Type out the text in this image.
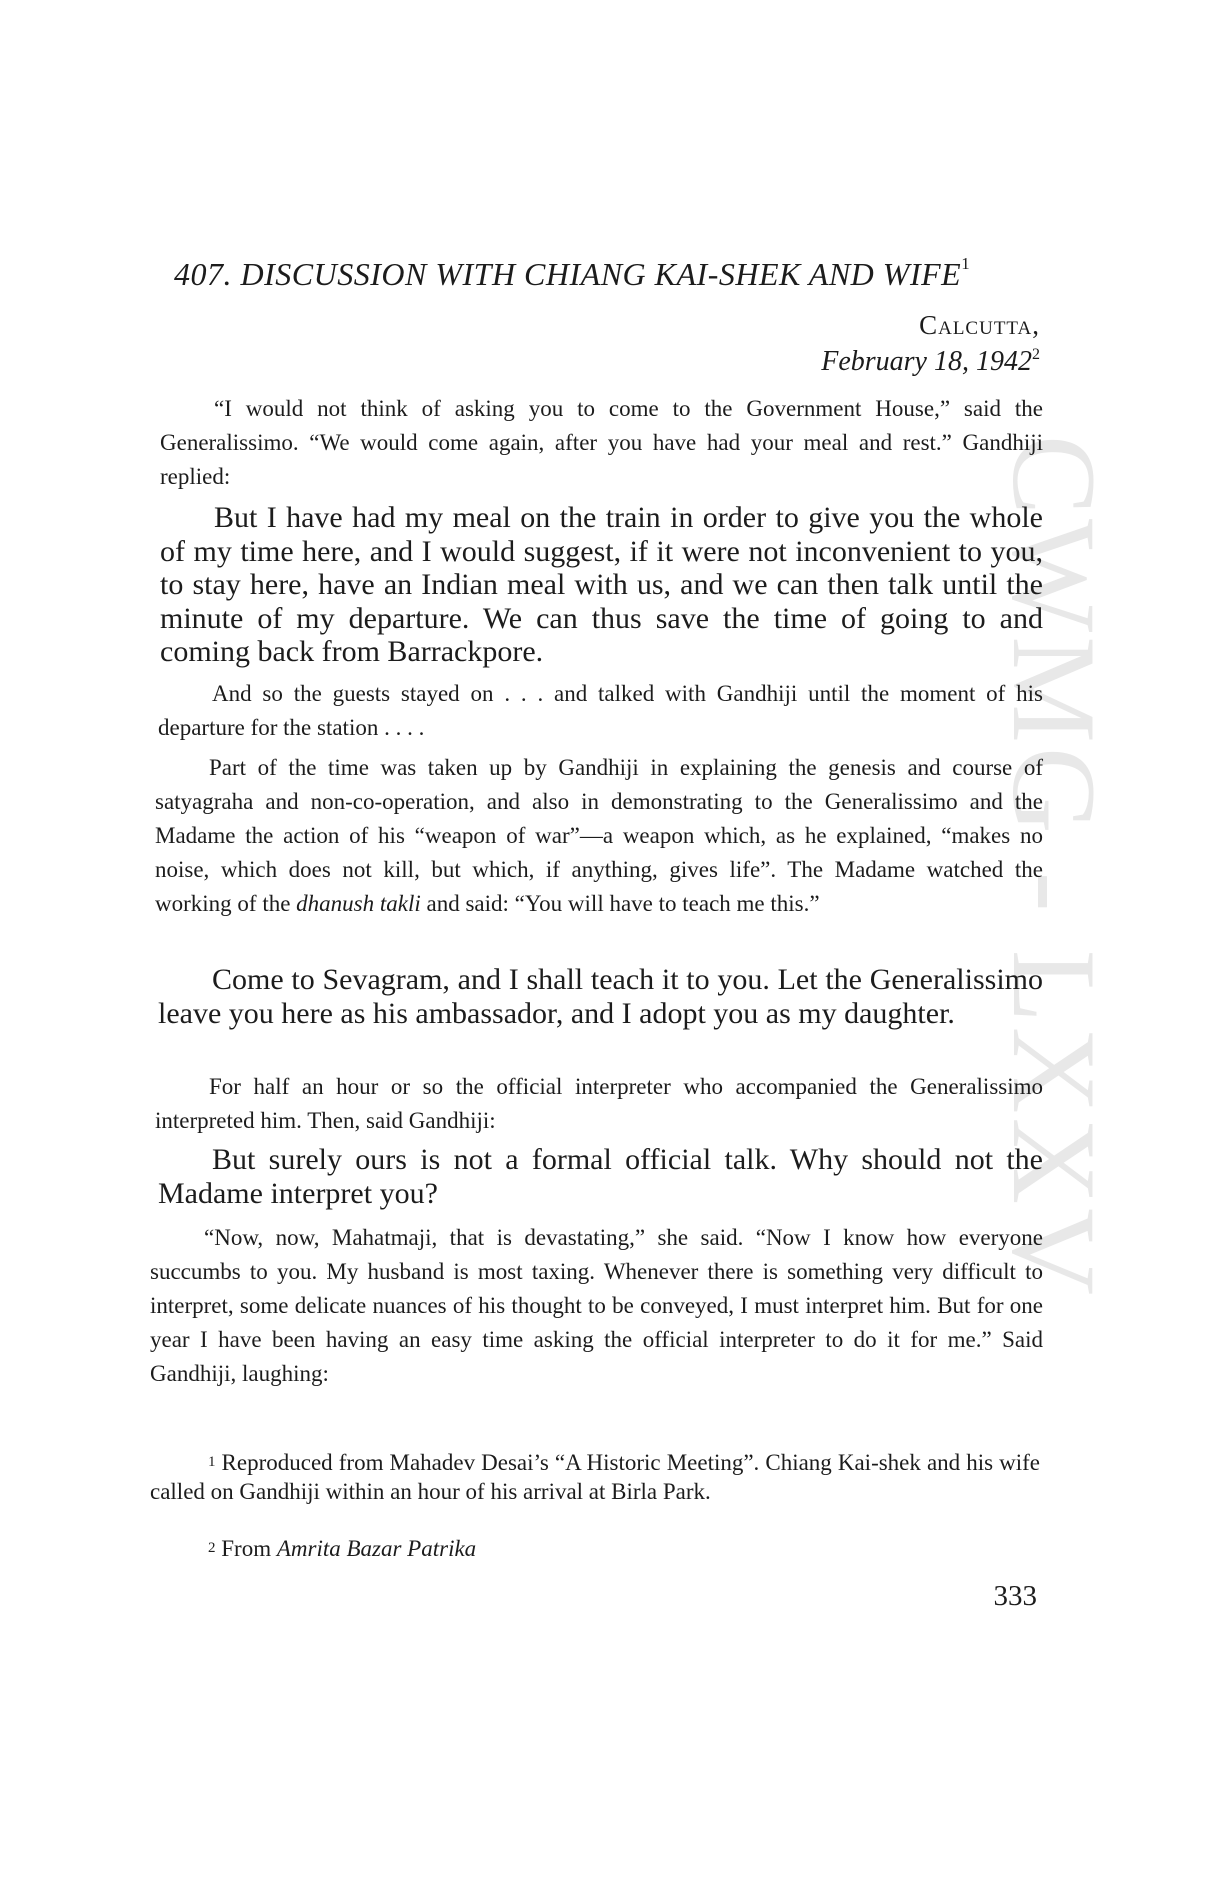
CWMG - LXXV
407. DISCUSSION WITH CHIANG KAI-SHEK AND WIFE$^1$
Calcutta,
February 18, 1942$^2$
“I would not think of asking you to come to the Government House,” said the Generalissimo. “We would come again, after you have had your meal and rest.” Gandhiji replied:
But I have had my meal on the train in order to give you the whole of my time here, and I would suggest, if it were not inconvenient to you, to stay here, have an Indian meal with us, and we can then talk until the minute of my departure. We can thus save the time of going to and coming back from Barrackpore.
And so the guests stayed on . . . and talked with Gandhiji until the moment of his departure for the station . . . .
Part of the time was taken up by Gandhiji in explaining the genesis and course of satyagraha and non-co-operation, and also in demonstrating to the Generalissimo and the Madame the action of his “weapon of war”—a weapon which, as he explained, “makes no noise, which does not kill, but which, if anything, gives life”. The Madame watched the working of the dhanush takli and said: “You will have to teach me this.”
Come to Sevagram, and I shall teach it to you. Let the Generalissimo leave you here as his ambassador, and I adopt you as my daughter.
For half an hour or so the official interpreter who accompanied the Generalissimo interpreted him. Then, said Gandhiji:
But surely ours is not a formal official talk. Why should not the Madame interpret you?
“Now, now, Mahatmaji, that is devastating,” she said. “Now I know how everyone succumbs to you. My husband is most taxing. Whenever there is something very difficult to interpret, some delicate nuances of his thought to be conveyed, I must interpret him. But for one year I have been having an easy time asking the official interpreter to do it for me.” Said Gandhiji, laughing:
$^1$ Reproduced from Mahadev Desai’s “A Historic Meeting”. Chiang Kai-shek and his wife called on Gandhiji within an hour of his arrival at Birla Park.
$^2$ From Amrita Bazar Patrika
333
